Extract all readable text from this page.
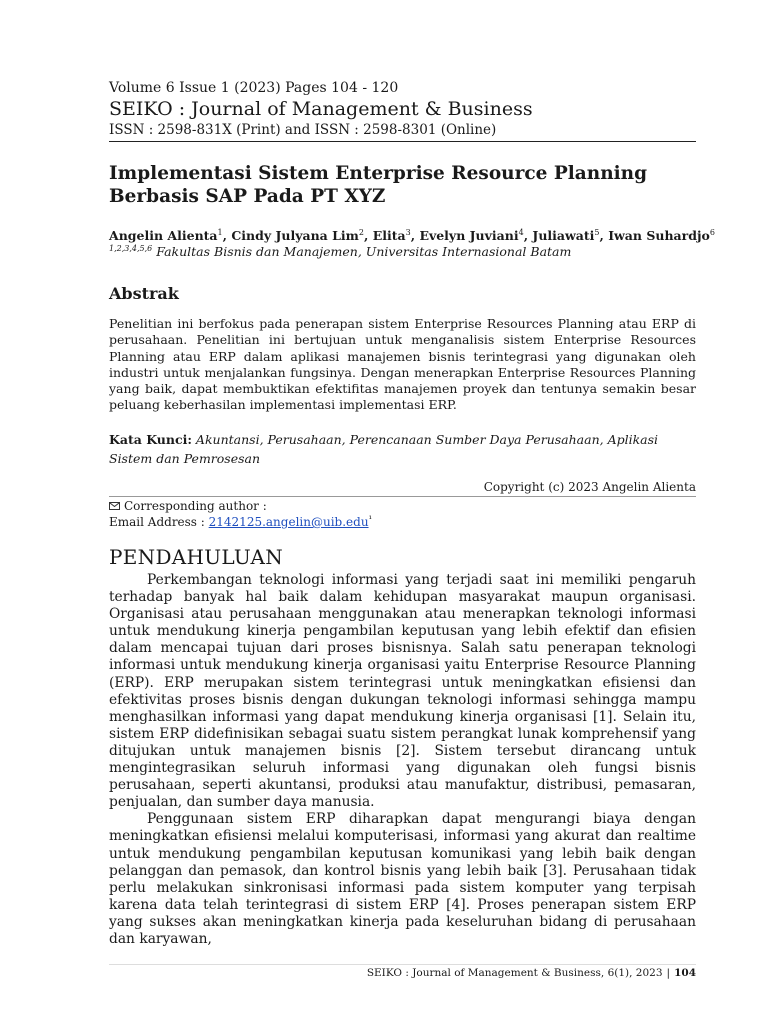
Volume 6 Issue 1 (2023) Pages 104 - 120
SEIKO : Journal of Management & Business
ISSN : 2598-831X (Print) and ISSN : 2598-8301 (Online)
Implementasi Sistem Enterprise Resource Planning Berbasis SAP Pada PT XYZ
Angelin Alienta$^1$, Cindy Julyana Lim$^2$, Elita$^3$, Evelyn Juviani$^4$, Juliawati$^5$, Iwan Suhardjo$^6$
$^{1,2,3,4,5,6}$ Fakultas Bisnis dan Manajemen, Universitas Internasional Batam
Abstrak
Penelitian ini berfokus pada penerapan sistem Enterprise Resources Planning atau ERP di perusahaan. Penelitian ini bertujuan untuk menganalisis sistem Enterprise Resources Planning atau ERP dalam aplikasi manajemen bisnis terintegrasi yang digunakan oleh industri untuk menjalankan fungsinya. Dengan menerapkan Enterprise Resources Planning yang baik, dapat membuktikan efektifitas manajemen proyek dan tentunya semakin besar peluang keberhasilan implementasi implementasi ERP.
Kata Kunci: Akuntansi, Perusahaan, Perencanaan Sumber Daya Perusahaan, Aplikasi Sistem dan Pemrosesan
Copyright (c) 2023 Angelin Alienta
Corresponding author :
Email Address : 2142125.angelin@uib.edu$^{^1}$
PENDAHULUAN

Perkembangan teknologi informasi yang terjadi saat ini memiliki pengaruh terhadap banyak hal baik dalam kehidupan masyarakat maupun organisasi. Organisasi atau perusahaan menggunakan atau menerapkan teknologi informasi untuk mendukung kinerja pengambilan keputusan yang lebih efektif dan efisien dalam mencapai tujuan dari proses bisnisnya. Salah satu penerapan teknologi informasi untuk mendukung kinerja organisasi yaitu Enterprise Resource Planning (ERP). ERP merupakan sistem terintegrasi untuk meningkatkan efisiensi dan efektivitas proses bisnis dengan dukungan teknologi informasi sehingga mampu menghasilkan informasi yang dapat mendukung kinerja organisasi [1]. Selain itu, sistem ERP didefinisikan sebagai suatu sistem perangkat lunak komprehensif yang ditujukan untuk manajemen bisnis [2]. Sistem tersebut dirancang untuk mengintegrasikan seluruh informasi yang digunakan oleh fungsi bisnis perusahaan, seperti akuntansi, produksi atau manufaktur, distribusi, pemasaran, penjualan, dan sumber daya manusia.

Penggunaan sistem ERP diharapkan dapat mengurangi biaya dengan meningkatkan efisiensi melalui komputerisasi, informasi yang akurat dan realtime untuk mendukung pengambilan keputusan komunikasi yang lebih baik dengan pelanggan dan pemasok, dan kontrol bisnis yang lebih baik [3]. Perusahaan tidak perlu melakukan sinkronisasi informasi pada sistem komputer yang terpisah karena data telah terintegrasi di sistem ERP [4]. Proses penerapan sistem ERP yang sukses akan meningkatkan kinerja pada keseluruhan bidang di perusahaan dan karyawan,

SEIKO : Journal of Management & Business, 6(1), 2023 | 104
